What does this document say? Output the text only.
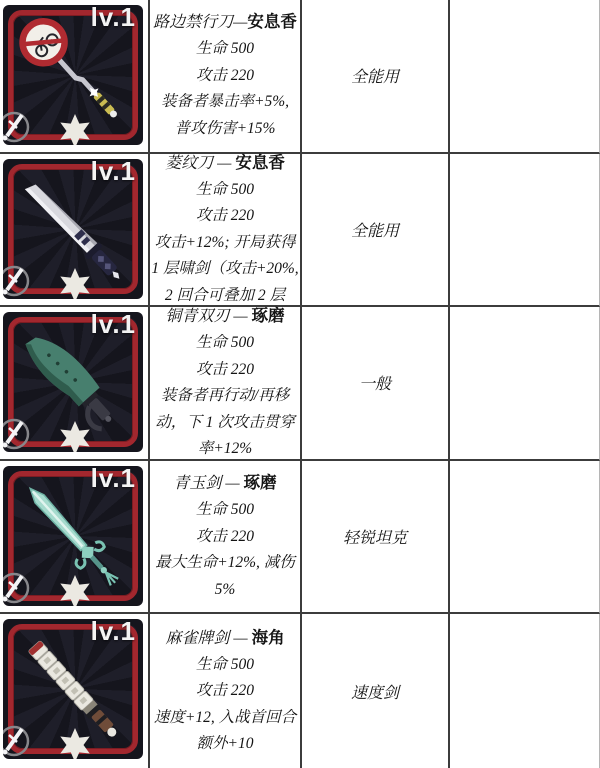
lv.1 路边禁行刀—安息香
生命 500
攻击 220
装备者暴击率+5%,
普攻伤害+15%
全能用
lv.1 菱纹刀 — 安息香
生命 500
攻击 220
攻击+12%; 开局获得
1 层啸剑（攻击+20%,
2 回合可叠加 2 层
全能用
lv.1 铜青双刃 — 琢磨
生命 500
攻击 220
装备者再行动/再移
动，下 1 次攻击贯穿
率+12%
一般
lv.1 青玉剑 — 琢磨
生命 500
攻击 220
最大生命+12%, 减伤
5%
轻锐坦克
lv.1 麻雀牌剑 — 海角
生命 500
攻击 220
速度+12, 入战首回合
额外+10
速度剑
